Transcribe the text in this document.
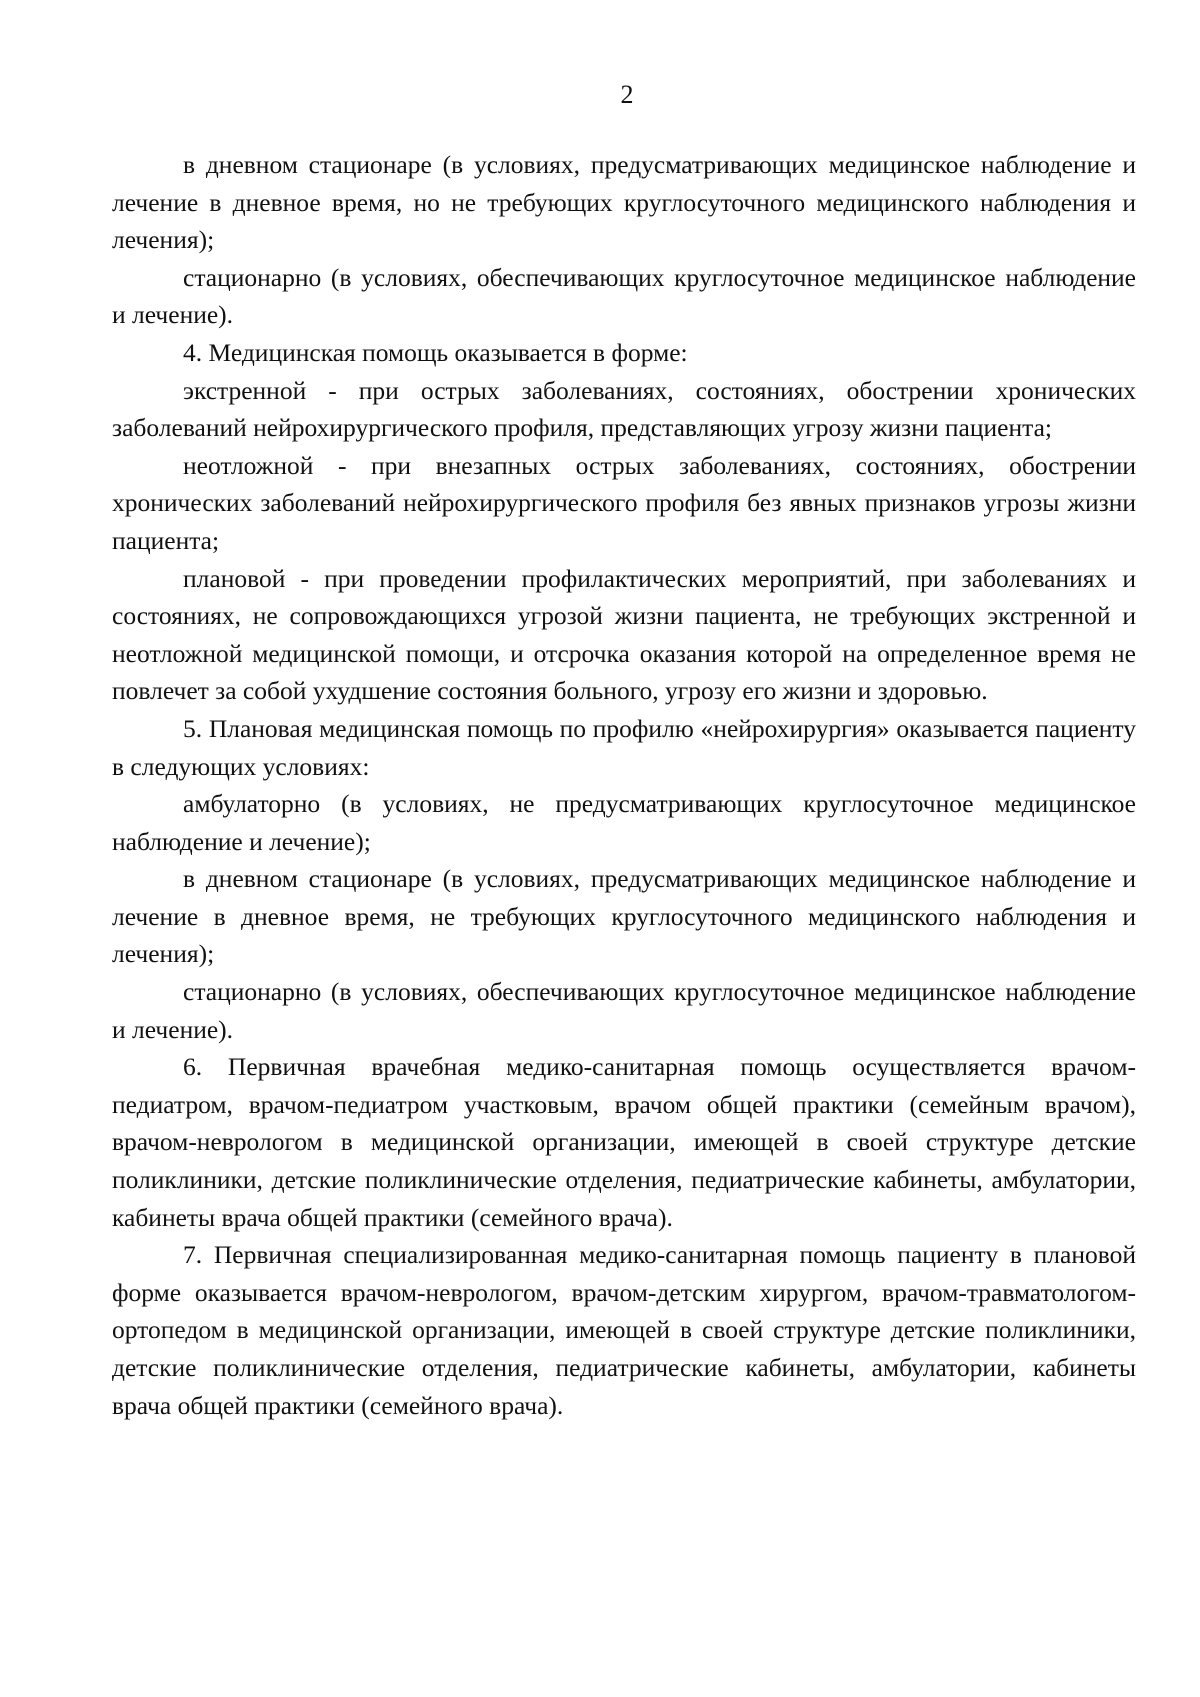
2

в дневном стационаре (в условиях, предусматривающих медицинское наблюдение и лечение в дневное время, но не требующих круглосуточного медицинского наблюдения и лечения);

стационарно (в условиях, обеспечивающих круглосуточное медицинское наблюдение и лечение).

4. Медицинская помощь оказывается в форме:

экстренной - при острых заболеваниях, состояниях, обострении хронических заболеваний нейрохирургического профиля, представляющих угрозу жизни пациента;

неотложной - при внезапных острых заболеваниях, состояниях, обострении хронических заболеваний нейрохирургического профиля без явных признаков угрозы жизни пациента;

плановой - при проведении профилактических мероприятий, при заболеваниях и состояниях, не сопровождающихся угрозой жизни пациента, не требующих экстренной и неотложной медицинской помощи, и отсрочка оказания которой на определенное время не повлечет за собой ухудшение состояния больного, угрозу его жизни и здоровью.

5. Плановая медицинская помощь по профилю «нейрохирургия» оказывается пациенту в следующих условиях:

амбулаторно (в условиях, не предусматривающих круглосуточное медицинское наблюдение и лечение);

в дневном стационаре (в условиях, предусматривающих медицинское наблюдение и лечение в дневное время, не требующих круглосуточного медицинского наблюдения и лечения);

стационарно (в условиях, обеспечивающих круглосуточное медицинское наблюдение и лечение).

6. Первичная врачебная медико-санитарная помощь осуществляется врачом-педиатром, врачом-педиатром участковым, врачом общей практики (семейным врачом), врачом-неврологом в медицинской организации, имеющей в своей структуре детские поликлиники, детские поликлинические отделения, педиатрические кабинеты, амбулатории, кабинеты врача общей практики (семейного врача).

7. Первичная специализированная медико-санитарная помощь пациенту в плановой форме оказывается врачом-неврологом, врачом-детским хирургом, врачом-травматологом-ортопедом в медицинской организации, имеющей в своей структуре детские поликлиники, детские поликлинические отделения, педиатрические кабинеты, амбулатории, кабинеты врача общей практики (семейного врача).
